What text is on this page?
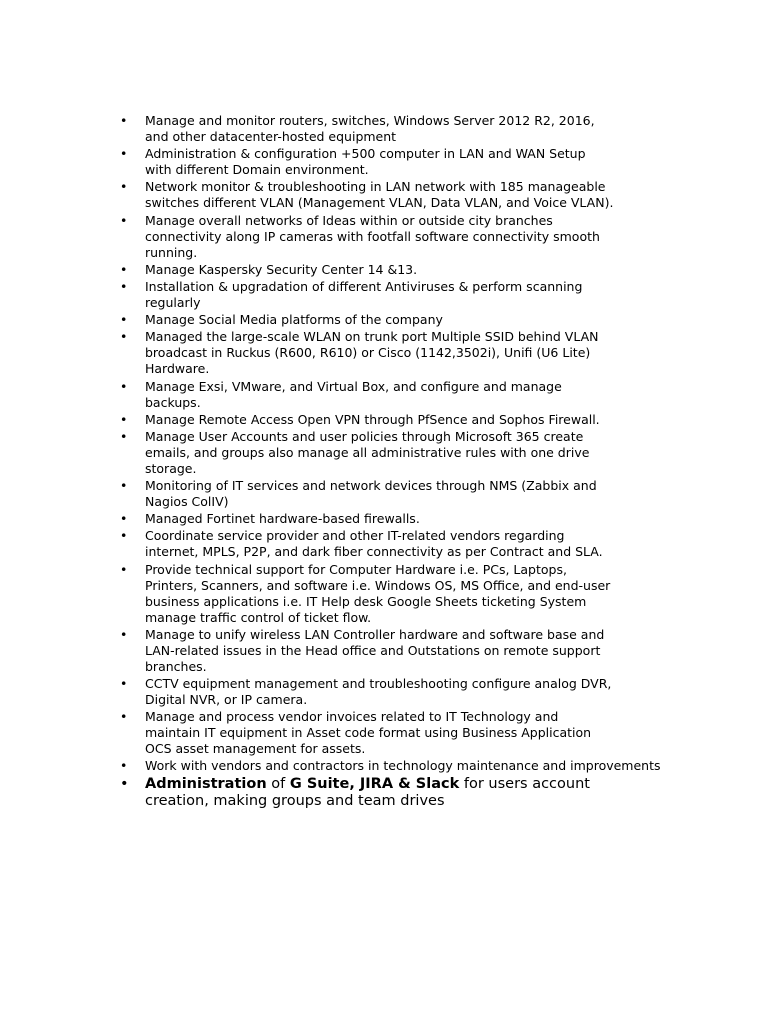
• Manage and monitor routers, switches, Windows Server 2012 R2, 2016, and other datacenter-hosted equipment
• Administration & configuration +500 computer in LAN and WAN Setup with different Domain environment.
• Network monitor & troubleshooting in LAN network with 185 manageable switches different VLAN (Management VLAN, Data VLAN, and Voice VLAN).
• Manage overall networks of Ideas within or outside city branches connectivity along IP cameras with footfall software connectivity smooth running.
• Manage Kaspersky Security Center 14 &13.
• Installation & upgradation of different Antiviruses & perform scanning regularly
• Manage Social Media platforms of the company
• Managed the large-scale WLAN on trunk port Multiple SSID behind VLAN broadcast in Ruckus (R600, R610) or Cisco (1142,3502i), Unifi (U6 Lite) Hardware.
• Manage Exsi, VMware, and Virtual Box, and configure and manage backups.
• Manage Remote Access Open VPN through PfSence and Sophos Firewall.
• Manage User Accounts and user policies through Microsoft 365 create emails, and groups also manage all administrative rules with one drive storage.
• Monitoring of IT services and network devices through NMS (Zabbix and Nagios ColIV)
• Managed Fortinet hardware-based firewalls.
• Coordinate service provider and other IT-related vendors regarding internet, MPLS, P2P, and dark fiber connectivity as per Contract and SLA.
• Provide technical support for Computer Hardware i.e. PCs, Laptops, Printers, Scanners, and software i.e. Windows OS, MS Office, and end-user business applications i.e. IT Help desk Google Sheets ticketing System manage traffic control of ticket flow.
• Manage to unify wireless LAN Controller hardware and software base and LAN-related issues in the Head office and Outstations on remote support branches.
• CCTV equipment management and troubleshooting configure analog DVR, Digital NVR, or IP camera.
• Manage and process vendor invoices related to IT Technology and maintain IT equipment in Asset code format using Business Application OCS asset management for assets.
• Work with vendors and contractors in technology maintenance and improvements
• Administration of G Suite, JIRA & Slack for users account creation, making groups and team drives
